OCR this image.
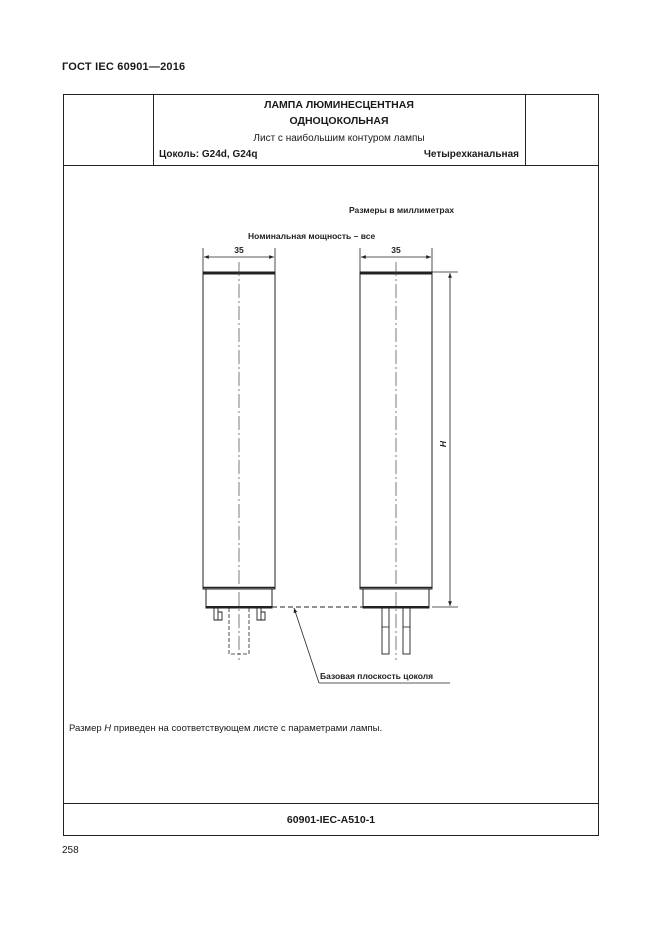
ГОСТ IEC 60901—2016
ЛАМПА ЛЮМИНЕСЦЕНТНАЯ
ОДНОЦОКОЛЬНАЯ
Лист с наибольшим контуром лампы
Цоколь: G24d, G24q	Четырехканальная
Размер H приведен на соответствующем листе с параметрами лампы.
60901-IEC-A510-1
258
Размеры в миллиметрах
Номинальная мощность – все
35	35
H
Базовая плоскость цоколя
